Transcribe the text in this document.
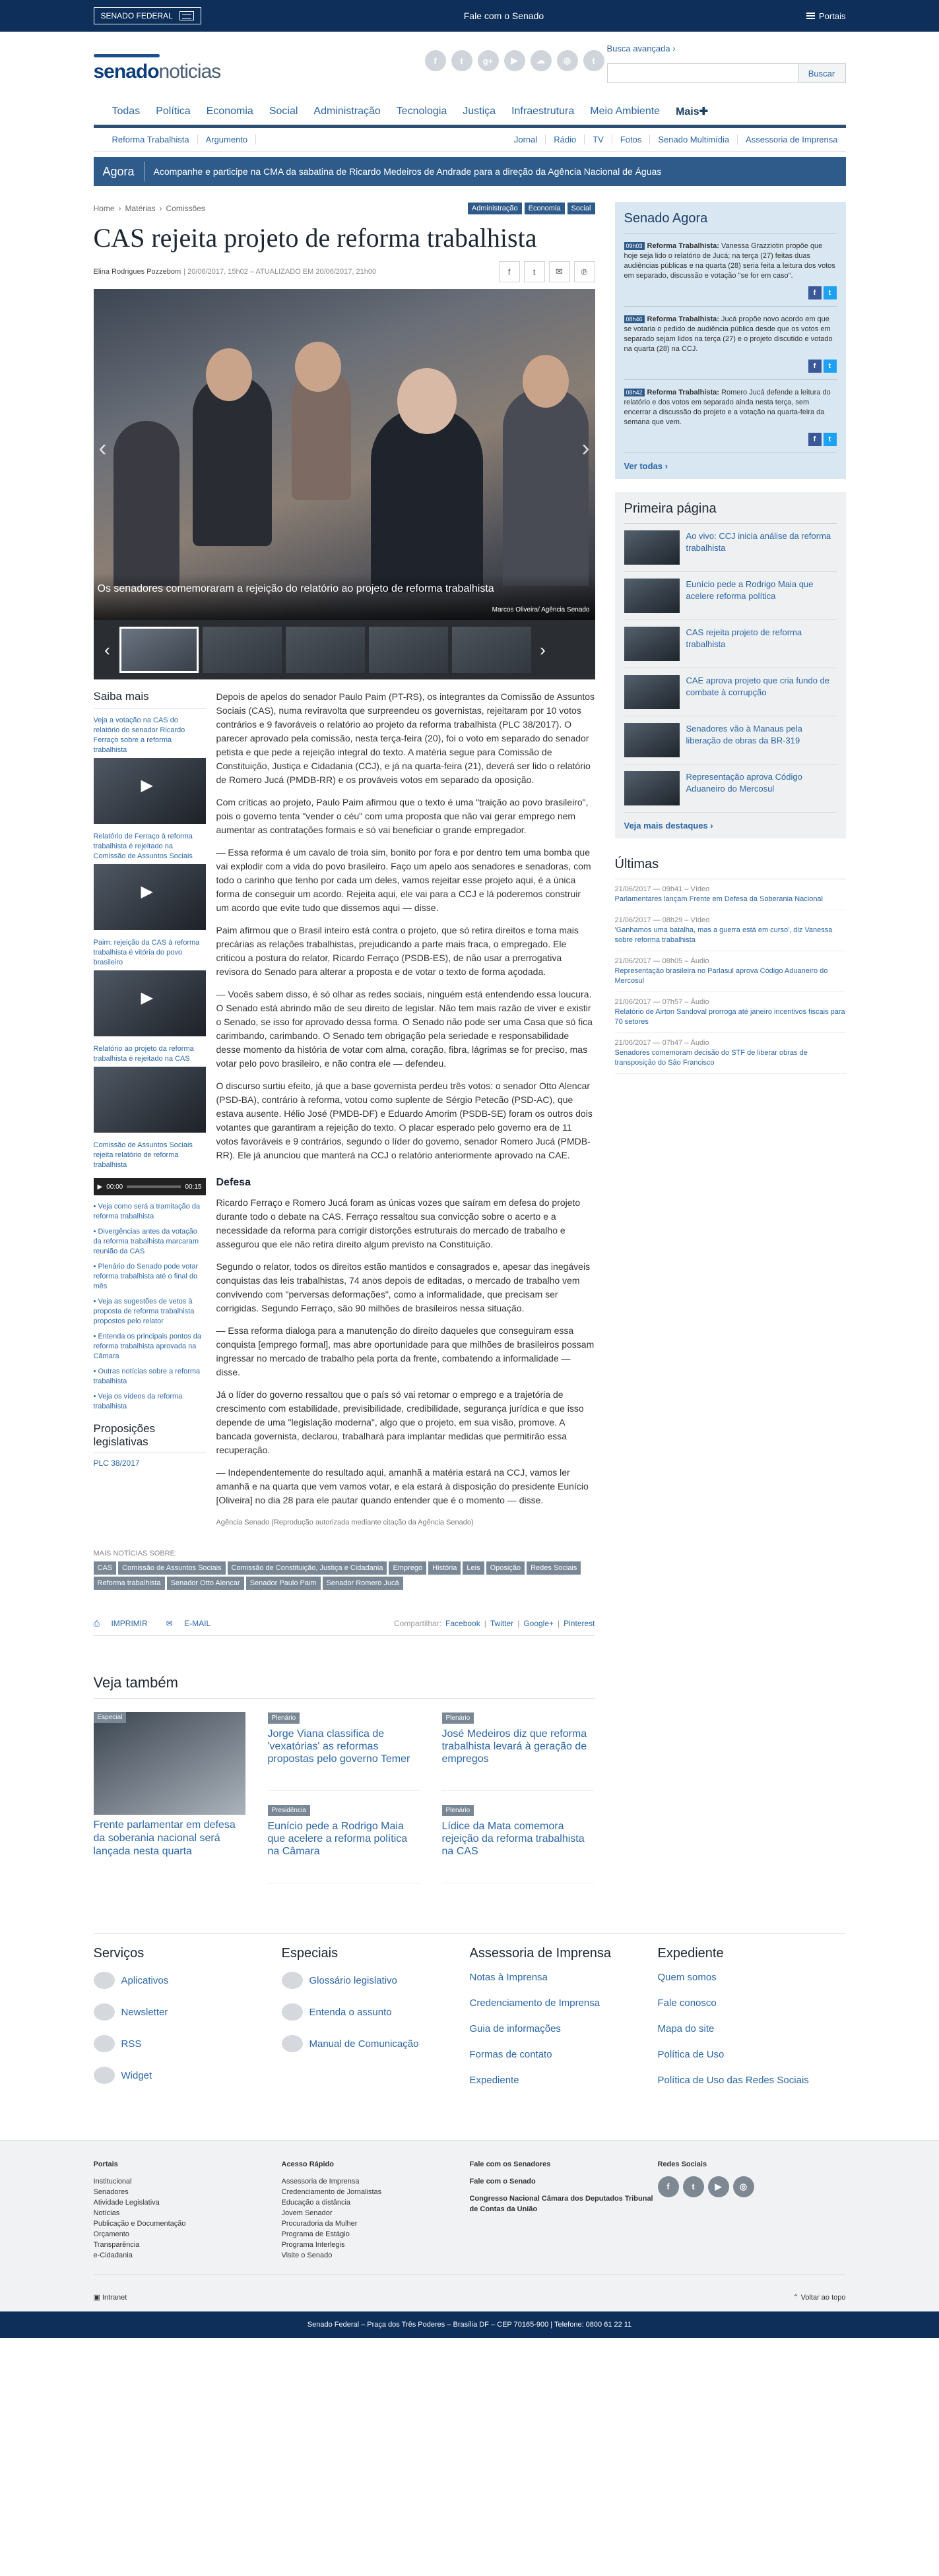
SENADO FEDERAL	Fale com o Senado	Portais
senadonoticias	f	t	g+	▶	☁	◎	t
Busca avançada ›
Buscar
Todas	Política	Economia	Social	Administração	Tecnologia	Justiça	Infraestrutura	Meio Ambiente	Mais✚
Reforma Trabalhista Argumento	Jornal Rádio TV Fotos Senado Multimídia Assessoria de Imprensa
Agora	Acompanhe e participe na CMA da sabatina de Ricardo Medeiros de Andrade para a direção da Agência Nacional de Águas
Home › Matérias › Comissões	Administração	Economia	Social
CAS rejeita projeto de reforma trabalhista
Elina Rodrigues Pozzebom | 20/06/2017, 15h02 – ATUALIZADO EM 20/06/2017, 21h00	f	t	✉	℗
‹	›
Os senadores comemoraram a rejeição do relatório ao projeto de reforma trabalhista
Marcos Oliveira/ Agência Senado
‹	›
Saiba mais
Veja a votação na CAS do relatório do senador Ricardo Ferraço sobre a reforma trabalhista
▶
Relatório de Ferraço à reforma trabalhista é rejeitado na Comissão de Assuntos Sociais
▶
Paim: rejeição da CAS à reforma trabalhista é vitória do povo brasileiro
▶
Relatório ao projeto da reforma trabalhista é rejeitado na CAS
Comissão de Assuntos Sociais rejeita relatório de reforma trabalhista
▶ 00:00	00:15
▪ Veja como será a tramitação da reforma trabalhista
▪ Divergências antes da votação da reforma trabalhista marcaram reunião da CAS
▪ Plenário do Senado pode votar reforma trabalhista até o final do mês
▪ Veja as sugestões de vetos à proposta de reforma trabalhista propostos pelo relator
▪ Entenda os principais pontos da reforma trabalhista aprovada na Câmara
▪ Outras notícias sobre a reforma trabalhista
▪ Veja os vídeos da reforma trabalhista
Proposições legislativas
PLC 38/2017

Depois de apelos do senador Paulo Paim (PT-RS), os integrantes da Comissão de Assuntos Sociais (CAS), numa reviravolta que surpreendeu os governistas, rejeitaram por 10 votos contrários e 9 favoráveis o relatório ao projeto da reforma trabalhista (PLC 38/2017). O parecer aprovado pela comissão, nesta terça-feira (20), foi o voto em separado do senador petista e que pede a rejeição integral do texto. A matéria segue para Comissão de Constituição, Justiça e Cidadania (CCJ), e já na quarta-feira (21), deverá ser lido o relatório de Romero Jucá (PMDB-RR) e os prováveis votos em separado da oposição.

Com críticas ao projeto, Paulo Paim afirmou que o texto é uma "traição ao povo brasileiro", pois o governo tenta "vender o céu" com uma proposta que não vai gerar emprego nem aumentar as contratações formais e só vai beneficiar o grande empregador.

— Essa reforma é um cavalo de troia sim, bonito por fora e por dentro tem uma bomba que vai explodir com a vida do povo brasileiro. Faço um apelo aos senadores e senadoras, com todo o carinho que tenho por cada um deles, vamos rejeitar esse projeto aqui, é a única forma de conseguir um acordo. Rejeita aqui, ele vai para a CCJ e lá poderemos construir um acordo que evite tudo que dissemos aqui — disse.

Paim afirmou que o Brasil inteiro está contra o projeto, que só retira direitos e torna mais precárias as relações trabalhistas, prejudicando a parte mais fraca, o empregado. Ele criticou a postura do relator, Ricardo Ferraço (PSDB-ES), de não usar a prerrogativa revisora do Senado para alterar a proposta e de votar o texto de forma açodada.

— Vocês sabem disso, é só olhar as redes sociais, ninguém está entendendo essa loucura. O Senado está abrindo mão de seu direito de legislar. Não tem mais razão de viver e existir o Senado, se isso for aprovado dessa forma. O Senado não pode ser uma Casa que só fica carimbando, carimbando. O Senado tem obrigação pela seriedade e responsabilidade desse momento da história de votar com alma, coração, fibra, lágrimas se for preciso, mas votar pelo povo brasileiro, e não contra ele — defendeu.

O discurso surtiu efeito, já que a base governista perdeu três votos: o senador Otto Alencar (PSD-BA), contrário à reforma, votou como suplente de Sérgio Petecão (PSD-AC), que estava ausente. Hélio José (PMDB-DF) e Eduardo Amorim (PSDB-SE) foram os outros dois votantes que garantiram a rejeição do texto. O placar esperado pelo governo era de 11 votos favoráveis e 9 contrários, segundo o líder do governo, senador Romero Jucá (PMDB-RR). Ele já anunciou que manterá na CCJ o relatório anteriormente aprovado na CAE.

Defesa

Ricardo Ferraço e Romero Jucá foram as únicas vozes que saíram em defesa do projeto durante todo o debate na CAS. Ferraço ressaltou sua convicção sobre o acerto e a necessidade da reforma para corrigir distorções estruturais do mercado de trabalho e assegurou que ele não retira direito algum previsto na Constituição.

Segundo o relator, todos os direitos estão mantidos e consagrados e, apesar das inegáveis conquistas das leis trabalhistas, 74 anos depois de editadas, o mercado de trabalho vem convivendo com "perversas deformações", como a informalidade, que precisam ser corrigidas. Segundo Ferraço, são 90 milhões de brasileiros nessa situação.

— Essa reforma dialoga para a manutenção do direito daqueles que conseguiram essa conquista [emprego formal], mas abre oportunidade para que milhões de brasileiros possam ingressar no mercado de trabalho pela porta da frente, combatendo a informalidade — disse.

Já o líder do governo ressaltou que o país só vai retomar o emprego e a trajetória de crescimento com estabilidade, previsibilidade, credibilidade, segurança jurídica e que isso depende de uma "legislação moderna", algo que o projeto, em sua visão, promove. A bancada governista, declarou, trabalhará para implantar medidas que permitirão essa recuperação.

— Independentemente do resultado aqui, amanhã a matéria estará na CCJ, vamos ler amanhã e na quarta que vem vamos votar, e ela estará à disposição do presidente Eunício [Oliveira] no dia 28 para ele pautar quando entender que é o momento — disse.

Agência Senado (Reprodução autorizada mediante citação da Agência Senado)
MAIS NOTÍCIAS SOBRE:
CAS	Comissão de Assuntos Sociais	Comissão de Constituição, Justiça e Cidadania	Emprego	História	Leis	Oposição	Redes Sociais
Reforma trabalhista	Senador Otto Alencar	Senador Paulo Paim	Senador Romero Jucá
⎙ IMPRIMIR ✉ E-MAIL	Compartilhar: Facebook | Twitter | Google+ | Pinterest
Veja também
Especial
Frente parlamentar em defesa da soberania nacional será lançada nesta quarta
Plenário
Jorge Viana classifica de 'vexatórias' as reformas propostas pelo governo Temer
Presidência
Eunício pede a Rodrigo Maia que acelere a reforma política na Câmara
Plenário
José Medeiros diz que reforma trabalhista levará à geração de empregos
Plenário
Lídice da Mata comemora rejeição da reforma trabalhista na CAS
Senado Agora
09h03 Reforma Trabalhista: Vanessa Grazziotin propõe que hoje seja lido o relatório de Jucá; na terça (27) feitas duas audiências públicas e na quarta (28) seria feita a leitura dos votos em separado, discussão e votação "se for em caso".
f	t
08h46 Reforma Trabalhista: Jucá propõe novo acordo em que se votaria o pedido de audiência pública desde que os votos em separado sejam lidos na terça (27) e o projeto discutido e votado na quarta (28) na CCJ.
f	t
08h42 Reforma Trabalhista: Romero Jucá defende a leitura do relatório e dos votos em separado ainda nesta terça, sem encerrar a discussão do projeto e a votação na quarta-feira da semana que vem.
f	t
Ver todas ›
Primeira página
Ao vivo: CCJ inicia análise da reforma trabalhista
Eunício pede a Rodrigo Maia que acelere reforma política
CAS rejeita projeto de reforma trabalhista
CAE aprova projeto que cria fundo de combate à corrupção
Senadores vão à Manaus pela liberação de obras da BR-319
Representação aprova Código Aduaneiro do Mercosul
Veja mais destaques ›
Últimas
21/06/2017 — 09h41 – Vídeo
Parlamentares lançam Frente em Defesa da Soberania Nacional
21/06/2017 — 08h29 – Vídeo
'Ganhamos uma batalha, mas a guerra está em curso', diz Vanessa sobre reforma trabalhista
21/06/2017 — 08h05 – Áudio
Representação brasileira no Parlasul aprova Código Aduaneiro do Mercosul
21/06/2017 — 07h57 – Áudio
Relatório de Airton Sandoval prorroga até janeiro incentivos fiscais para 70 setores
21/06/2017 — 07h47 – Áudio
Senadores comemoram decisão do STF de liberar obras de transposição do São Francisco
Serviços
Aplicativos
Newsletter
RSS
Widget
Especiais
Glossário legislativo
Entenda o assunto
Manual de Comunicação
Assessoria de Imprensa
Notas à Imprensa
Credenciamento de Imprensa
Guia de informações
Formas de contato
Expediente
Expediente
Quem somos
Fale conosco
Mapa do site
Política de Uso
Política de Uso das Redes Sociais
Portais
Institucional
Senadores
Atividade Legislativa
Notícias
Publicação e Documentação
Orçamento
Transparência
e-Cidadania
Acesso Rápido
Assessoria de Imprensa
Credenciamento de Jornalistas
Educação a distância
Jovem Senador
Procuradoria da Mulher
Programa de Estágio
Programa Interlegis
Visite o Senado
Fale com os Senadores
Fale com o Senado
Congresso Nacional Câmara dos Deputados Tribunal de Contas da União
Redes Sociais
f	t	▶	◎
▣ Intranet	⌃ Voltar ao topo
Senado Federal – Praça dos Três Poderes – Brasília DF – CEP 70165-900 | Telefone: 0800 61 22 11
